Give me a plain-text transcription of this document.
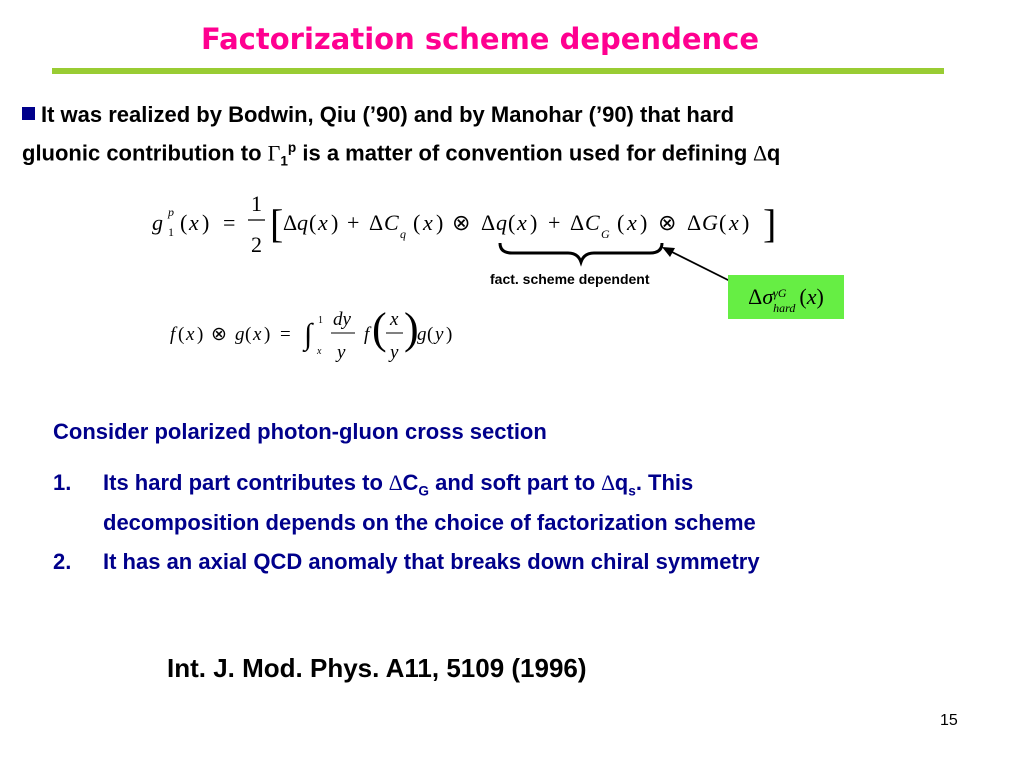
Factorization scheme dependence
It was realized by Bodwin, Qiu (’90) and by Manohar (’90) that hard
gluonic contribution to $\Gamma_1^p$ is a matter of convention used for defining ∆q
g 1
p ( x ) =
1
2 [ Δ q ( x ) + Δ C q ( x ) ⊗ Δ q ( x ) + Δ C G ( x ) ⊗ Δ G ( x ) ]
f ( x ) ⊗ g ( x ) = ∫ 1
x
dy
y
f ( x
y )
g ( y )
fact. scheme dependent
ΔσγG
hard (x)
Consider polarized photon-gluon cross section
1. Its hard part contributes to $\Delta C_G$ and soft part to $\Delta q_s$. This
decomposition depends on the choice of factorization scheme
2. It has an axial QCD anomaly that breaks down chiral symmetry
Int. J. Mod. Phys. A11, 5109 (1996)
15
